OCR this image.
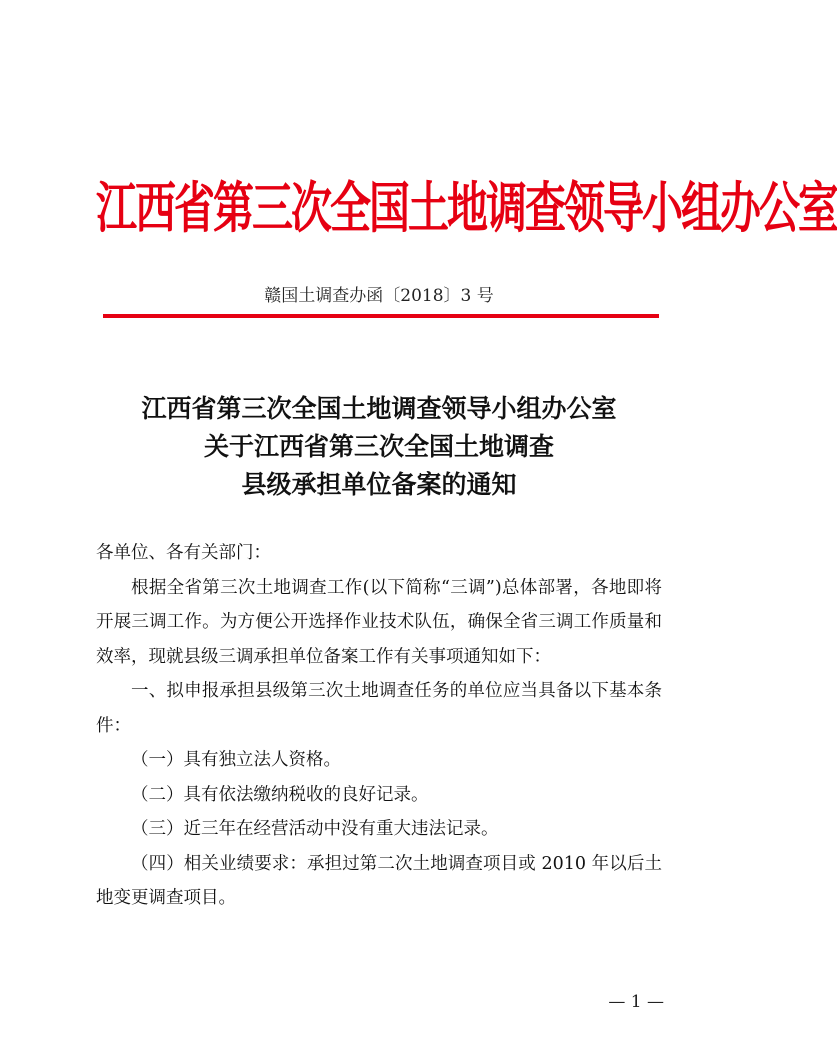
江西省第三次全国土地调查领导小组办公室
赣国土调查办函〔2018〕3 号
江西省第三次全国土地调查领导小组办公室
关于江西省第三次全国土地调查
县级承担单位备案的通知

各单位、各有关部门：

根据全省第三次土地调查工作(以下简称“三调”)总体部署，各地即将开展三调工作。为方便公开选择作业技术队伍，确保全省三调工作质量和效率，现就县级三调承担单位备案工作有关事项通知如下：

一、拟申报承担县级第三次土地调查任务的单位应当具备以下基本条件：

（一）具有独立法人资格。

（二）具有依法缴纳税收的良好记录。

（三）近三年在经营活动中没有重大违法记录。

（四）相关业绩要求：承担过第二次土地调查项目或 2010 年以后土地变更调查项目。

— 1 —
